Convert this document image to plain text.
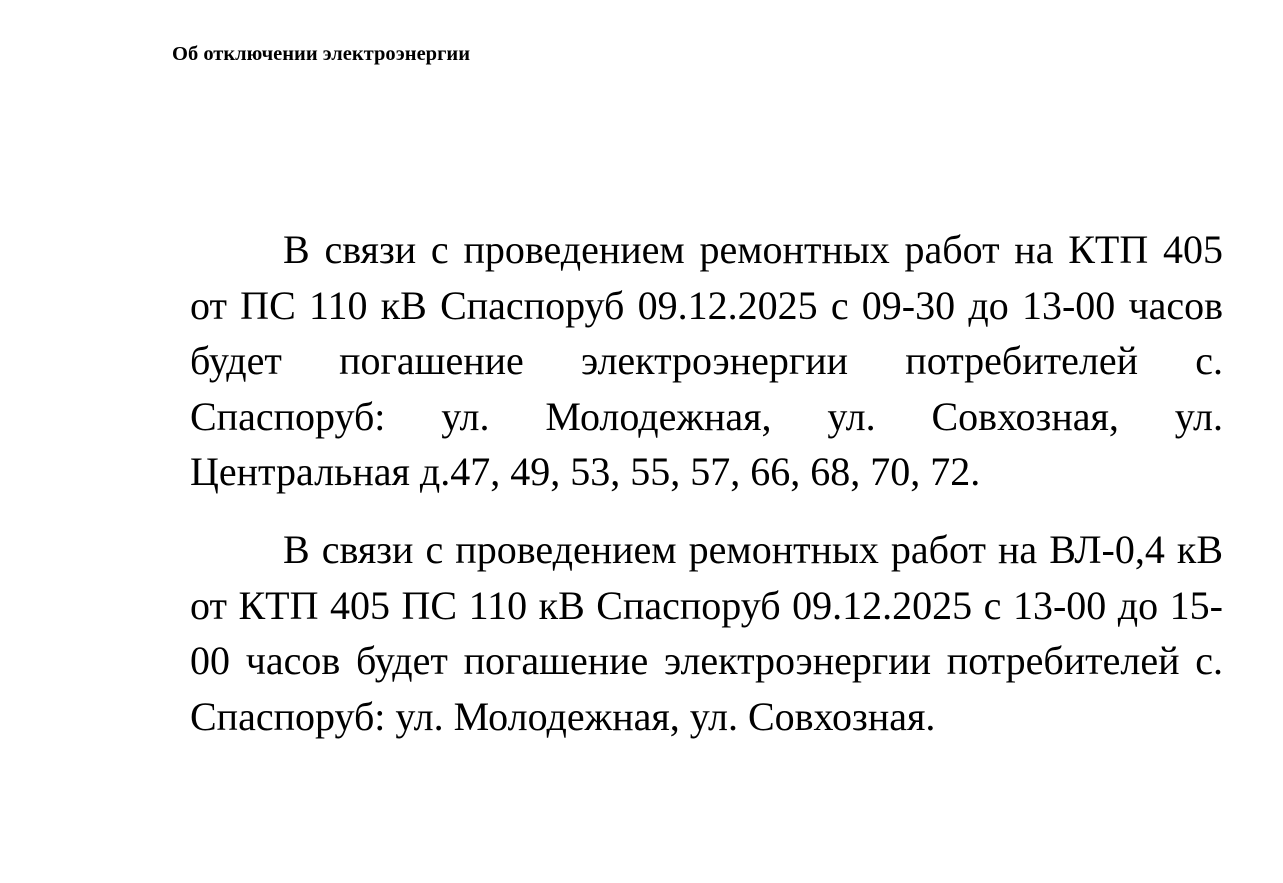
Об отключении электроэнергии

В связи с проведением ремонтных работ на КТП 405 от ПС 110 кВ Спаспоруб 09.12.2025 с 09-30 до 13-00 часов будет погашение электроэнергии потребителей с. Спаспоруб: ул. Молодежная, ул. Совхозная, ул. Центральная д.47, 49, 53, 55, 57, 66, 68, 70, 72.

В связи с проведением ремонтных работ на ВЛ-0,4 кВ от КТП 405 ПС 110 кВ Спаспоруб 09.12.2025 с 13-00 до 15-00 часов будет погашение электроэнергии потребителей с. Спаспоруб: ул. Молодежная, ул. Совхозная.
